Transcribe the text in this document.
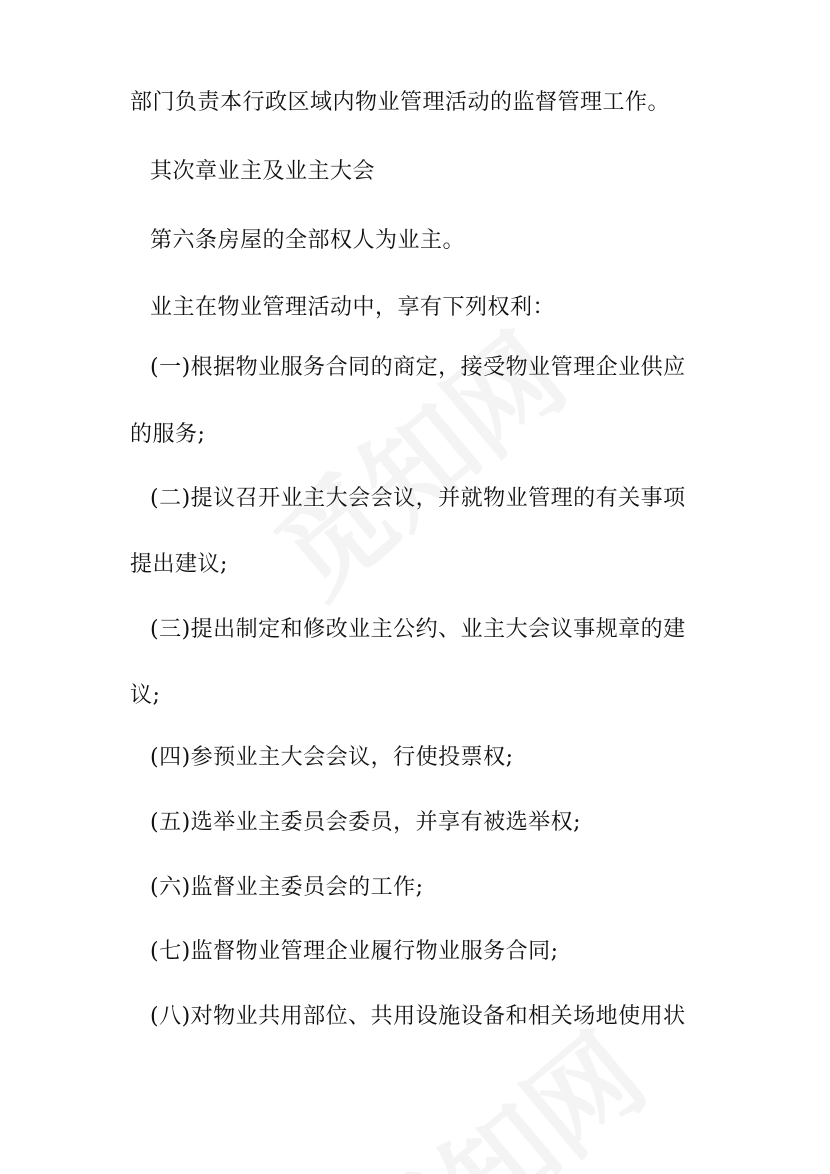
部门负责本行政区域内物业管理活动的监督管理工作。
其次章业主及业主大会
第六条房屋的全部权人为业主。
业主在物业管理活动中，享有下列权利：
(一)根据物业服务合同的商定，接受物业管理企业供应
的服务;
(二)提议召开业主大会会议，并就物业管理的有关事项
提出建议;
(三)提出制定和修改业主公约、业主大会议事规章的建
议;
(四)参预业主大会会议，行使投票权;
(五)选举业主委员会委员，并享有被选举权;
(六)监督业主委员会的工作;
(七)监督物业管理企业履行物业服务合同;
(八)对物业共用部位、共用设施设备和相关场地使用状
